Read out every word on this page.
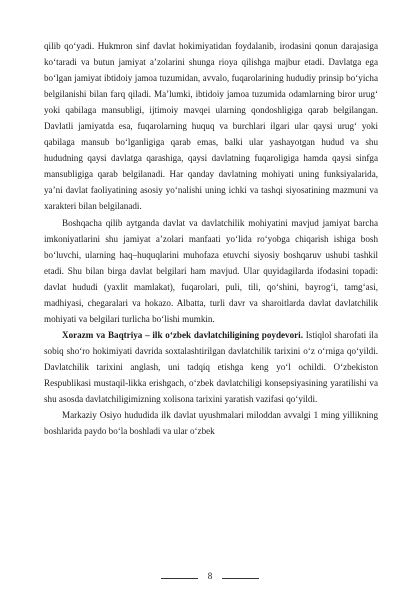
qilib qo‘yadi. Hukmron sinf davlat hokimiyatidan foydalanib, irodasini qonun darajasiga ko‘taradi va butun jamiyat a’zolarini shunga rioya qilishga majbur etadi. Davlatga ega bo‘lgan jamiyat ibtidoiy jamoa tuzumidan, avvalo, fuqarolarining hududiy prinsip bo‘yicha belgilanishi bilan farq qiladi. Ma’lumki, ibtidoiy jamoa tuzumida odamlarning biror urug‘ yoki qabilaga mansubligi, ijtimoiy mavqei ularning qondoshligiga qarab belgilangan. Davlatli jamiyatda esa, fuqarolarning huquq va burchlari ilgari ular qaysi urug‘ yoki qabilaga mansub bo‘lganligiga qarab emas, balki ular yashayotgan hudud va shu hududning qaysi davlatga qarashiga, qaysi davlatning fuqaroligiga hamda qaysi sinfga mansubligiga qarab belgilanadi. Har qanday davlatning mohiyati uning funksiyalarida, ya’ni davlat faoliyatining asosiy yo‘nalishi uning ichki va tashqi siyosatining mazmuni va xarakteri bilan belgilanadi.

Boshqacha qilib aytganda davlat va davlatchilik mohiyatini mavjud jamiyat barcha imkoniyatlarini shu jamiyat a’zolari manfaati yo‘lida ro‘yobga chiqarish ishiga bosh bo‘luvchi, ularning haq–huquqlarini muhofaza etuvchi siyosiy boshqaruv ushubi tashkil etadi. Shu bilan birga davlat belgilari ham mavjud. Ular quyidagilarda ifodasini topadi: davlat hududi (yaxlit mamlakat), fuqarolari, puli, tili, qo‘shini, bayrog‘i, tamg‘asi, madhiyasi, chegaralari va hokazo. Albatta, turli davr va sharoitlarda davlat davlatchilik mohiyati va belgilari turlicha bo‘lishi mumkin.

Xorazm va Baqtriya – ilk o‘zbek davlatchiligining poydevori. Istiqlol sharofati ila sobiq sho‘ro hokimiyati davrida soxtalashtirilgan davlatchilik tarixini o‘z o‘rniga qo‘yildi. Davlatchilik tarixini anglash, uni tadqiq etishga keng yo‘l ochildi. O‘zbekiston Respublikasi mustaqil-likka erishgach, o‘zbek davlatchiligi konsepsiyasining yaratilishi va shu asosda davlatchiligimizning xolisona tarixini yaratish vazifasi qo‘yildi.

Markaziy Osiyo hududida ilk davlat uyushmalari miloddan avvalgi 1 ming yillikning boshlarida paydo bo‘la boshladi va ular o‘zbek

8
